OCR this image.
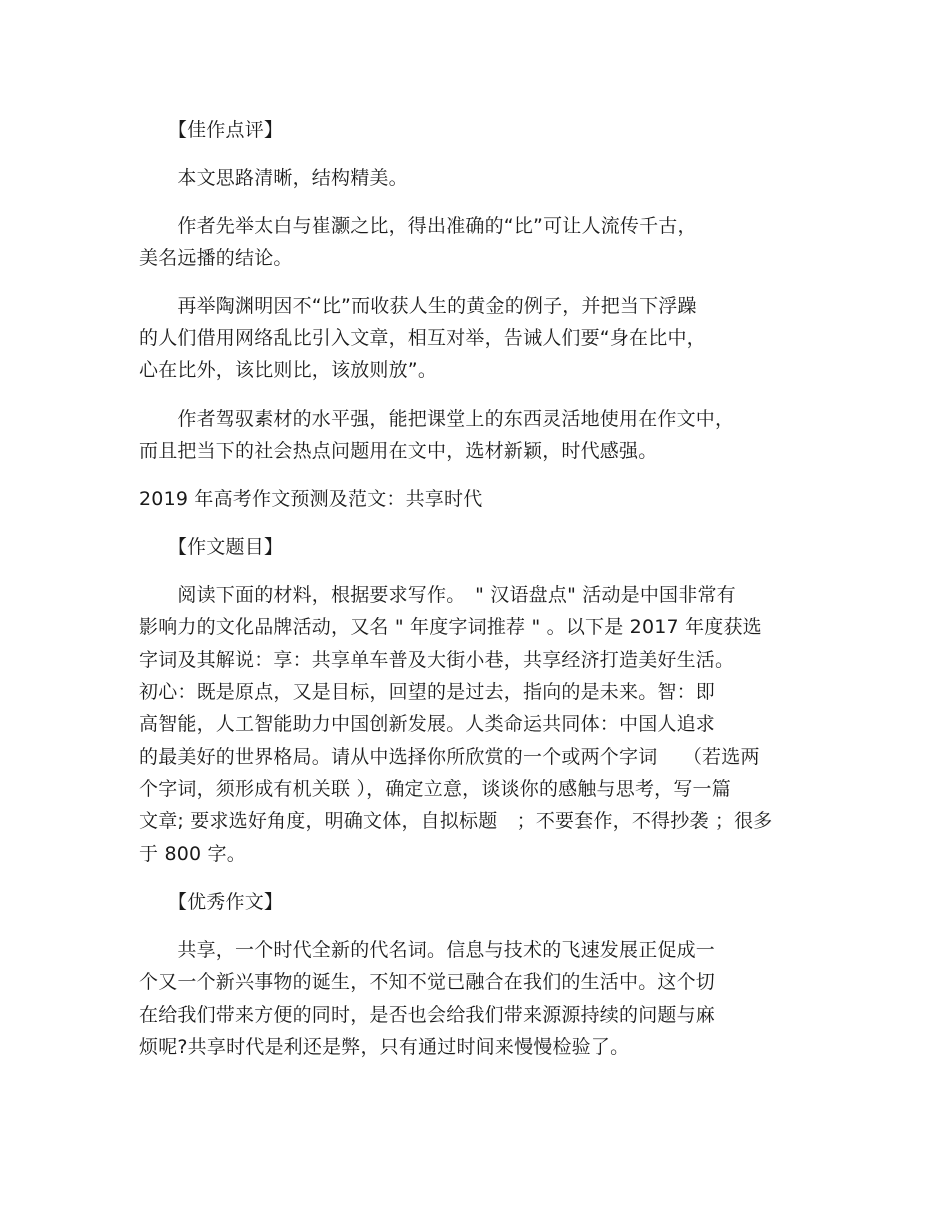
　　【佳作点评】
　　本文思路清晰，结构精美。
　　作者先举太白与崔灏之比，得出准确的“比”可让人流传千古，
美名远播的结论。
　　再举陶渊明因不“比”而收获人生的黄金的例子，并把当下浮躁
的人们借用网络乱比引入文章，相互对举，告诫人们要“身在比中，
心在比外，该比则比，该放则放”。
　　作者驾驭素材的水平强，能把课堂上的东西灵活地使用在作文中，
而且把当下的社会热点问题用在文中，选材新颖，时代感强。
2019 年高考作文预测及范文：共享时代
　　【作文题目】
　　阅读下面的材料，根据要求写作。　" 汉语盘点" 活动是中国非常有
影响力的文化品牌活动，又名 " 年度字词推荐 " 。以下是 2017 年度获选
字词及其解说：享：共享单车普及大街小巷，共享经济打造美好生活。
初心：既是原点，又是目标，回望的是过去，指向的是未来。智：即
高智能，人工智能助力中国创新发展。人类命运共同体：中国人追求
的最美好的世界格局。请从中选择你所欣赏的一个或两个字词　 （若选两
个字词，须形成有机关联 ），确定立意，谈谈你的感触与思考，写一篇
文章; 要求选好角度，明确文体，自拟标题　；不要套作，不得抄袭 ；很多
于 800 字。
　　【优秀作文】
　　共享，一个时代全新的代名词。信息与技术的飞速发展正促成一
个又一个新兴事物的诞生，不知不觉已融合在我们的生活中。这个切
在给我们带来方便的同时，是否也会给我们带来源源持续的问题与麻
烦呢?共享时代是利还是弊，只有通过时间来慢慢检验了。
